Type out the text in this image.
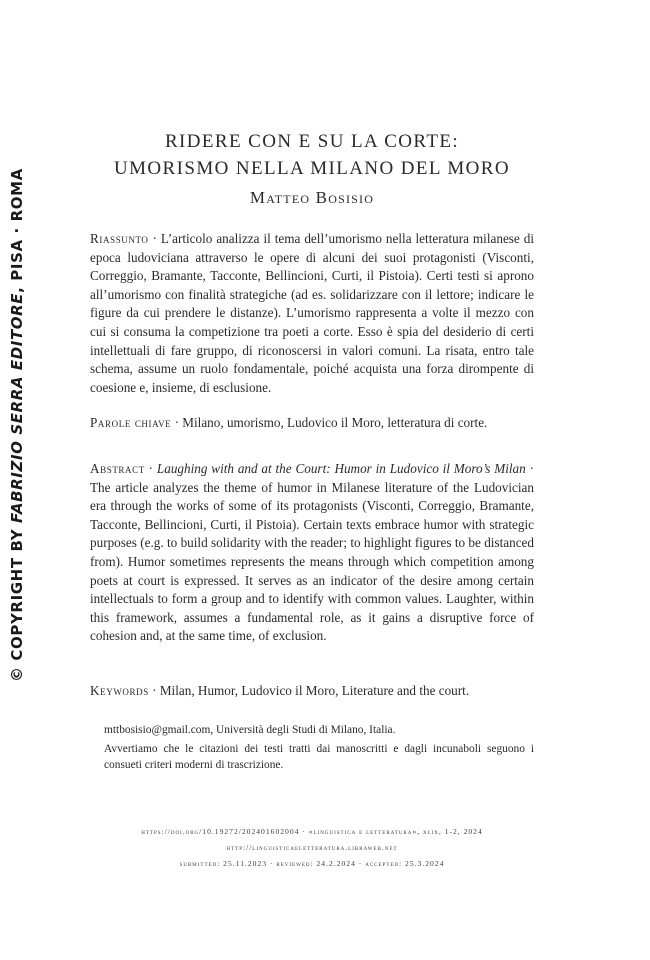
© COPYRIGHT BY FABRIZIO SERRA EDITORE, PISA · ROMA
RIDERE CON E SU LA CORTE:
UMORISMO NELLA MILANO DEL MORO
Matteo Bosisio
Riassunto · L’articolo analizza il tema dell’umorismo nella letteratura milanese di epoca ludoviciana attraverso le opere di alcuni dei suoi protagonisti (Visconti, Correggio, Bramante, Tacconte, Bellincioni, Curti, il Pistoia). Certi testi si aprono all’umorismo con finalità strategiche (ad es. solidarizzare con il lettore; indicare le figure da cui prendere le distanze). L’umorismo rappresenta a volte il mezzo con cui si consuma la competizione tra poeti a corte. Esso è spia del desiderio di certi intellettuali di fare gruppo, di riconoscersi in valori comuni. La risata, entro tale schema, assume un ruolo fondamentale, poiché acquista una forza dirompente di coesione e, insieme, di esclusione.
Parole chiave · Milano, umorismo, Ludovico il Moro, letteratura di corte.
Abstract · Laughing with and at the Court: Humor in Ludovico il Moro’s Milan · The article analyzes the theme of humor in Milanese literature of the Ludovician era through the works of some of its protagonists (Visconti, Correggio, Bramante, Tacconte, Bellincioni, Curti, il Pistoia). Certain texts embrace humor with strategic purposes (e.g. to build solidarity with the reader; to highlight figures to be distanced from). Humor sometimes represents the means through which competition among poets at court is expressed. It serves as an indicator of the desire among certain intellectuals to form a group and to identify with common values. Laughter, within this framework, assumes a fundamental role, as it gains a disruptive force of cohesion and, at the same time, of exclusion.
Keywords · Milan, Humor, Ludovico il Moro, Literature and the court.

mttbosisio@gmail.com, Università degli Studi di Milano, Italia.

Avvertiamo che le citazioni dei testi tratti dai manoscritti e dagli incunaboli seguono i consueti criteri moderni di trascrizione.

https://doi.org/10.19272/202401602004 · «linguistica e letteratura», xlix, 1-2, 2024
http://linguisticaeletteratura.libraweb.net
submitted: 25.11.2023 · reviewed: 24.2.2024 · accepted: 25.3.2024
